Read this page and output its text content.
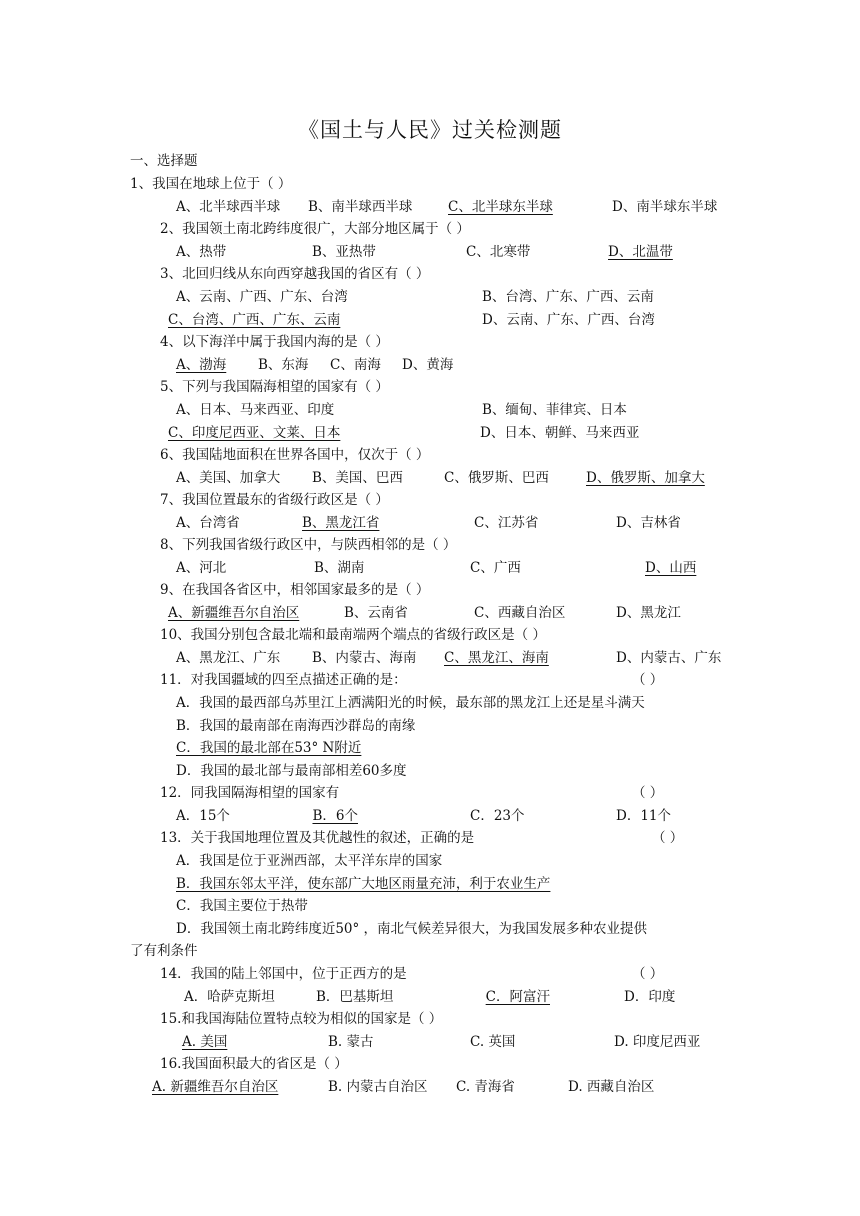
《国土与人民》过关检测题
一、选择题
1、我国在地球上位于（ ）
A、北半球西半球 B、南半球西半球	C、北半球东半球	D、南半球东半球
2、我国领土南北跨纬度很广，大部分地区属于（ ）
A、热带	B、亚热带	C、北寒带	D、北温带
3、北回归线从东向西穿越我国的省区有（ ）
A、云南、广西、广东、台湾	B、台湾、广东、广西、云南
C、台湾、广西、广东、云南	D、云南、广东、广西、台湾
4、以下海洋中属于我国内海的是（ ）
A、渤海	B、东海 C、南海 D、黄海
5、下列与我国隔海相望的国家有（ ）
A、日本、马来西亚、印度	B、缅甸、菲律宾、日本
C、印度尼西亚、文莱、日本	D、日本、朝鲜、马来西亚
6、我国陆地面积在世界各国中，仅次于（ ）
A、美国、加拿大 B、美国、巴西	C、俄罗斯、巴西	D、俄罗斯、加拿大
7、我国位置最东的省级行政区是（ ）
A、台湾省	B、黑龙江省	C、江苏省	D、吉林省
8、下列我国省级行政区中，与陕西相邻的是（ ）
A、河北	B、湖南	C、广西	D、山西
9、在我国各省区中，相邻国家最多的是（ ）
A、新疆维吾尔自治区	B、云南省	C、西藏自治区	D、黑龙江
10、我国分别包含最北端和最南端两个端点的省级行政区是（ ）
A、黑龙江、广东 B、内蒙古、海南 C、黑龙江、海南	D、内蒙古、广东
11．对我国疆域的四至点描述正确的是：	（ ）
A．我国的最西部乌苏里江上洒满阳光的时候，最东部的黑龙江上还是星斗满天
B．我国的最南部在南海西沙群岛的南缘
C．我国的最北部在53° N附近
D．我国的最北部与最南部相差60多度
12．同我国隔海相望的国家有	（ ）
A．15个	B．6个	C．23个	D．11个
13．关于我国地理位置及其优越性的叙述，正确的是	（ ）
A．我国是位于亚洲西部，太平洋东岸的国家
B．我国东邻太平洋，使东部广大地区雨量充沛，利于农业生产
C．我国主要位于热带
D．我国领土南北跨纬度近50° ，南北气候差异很大，为我国发展多种农业提供
了有利条件
14．我国的陆上邻国中，位于正西方的是	（ ）
A．哈萨克斯坦	B．巴基斯坦	C．阿富汗	D．印度
15.和我国海陆位置特点较为相似的国家是（ ）
A. 美国	B. 蒙古	C. 英国	D. 印度尼西亚
16.我国面积最大的省区是（ ）
A. 新疆维吾尔自治区	B. 内蒙古自治区 C. 青海省	D. 西藏自治区
